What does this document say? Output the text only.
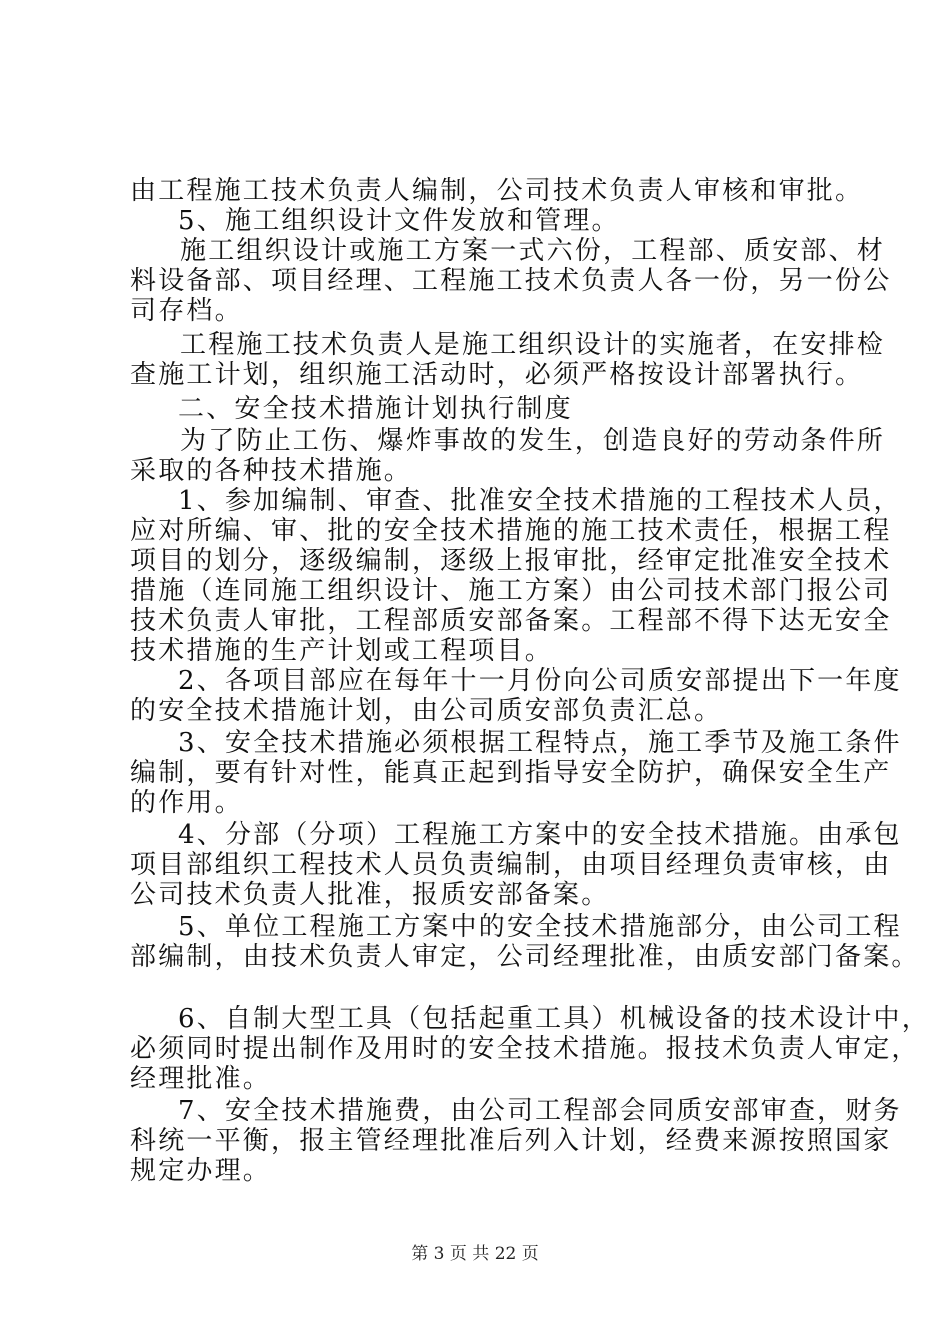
由工程施工技术负责人编制，公司技术负责人审核和审批。
5、施工组织设计文件发放和管理。
施工组织设计或施工方案一式六份，工程部、质安部、材
料设备部、项目经理、工程施工技术负责人各一份，另一份公
司存档。
工程施工技术负责人是施工组织设计的实施者，在安排检
查施工计划，组织施工活动时，必须严格按设计部署执行。
二、安全技术措施计划执行制度
为了防止工伤、爆炸事故的发生，创造良好的劳动条件所
采取的各种技术措施。
1、参加编制、审查、批准安全技术措施的工程技术人员，
应对所编、审、批的安全技术措施的施工技术责任，根据工程
项目的划分，逐级编制，逐级上报审批，经审定批准安全技术
措施（连同施工组织设计、施工方案）由公司技术部门报公司
技术负责人审批，工程部质安部备案。工程部不得下达无安全
技术措施的生产计划或工程项目。
2、各项目部应在每年十一月份向公司质安部提出下一年度
的安全技术措施计划，由公司质安部负责汇总。
3、安全技术措施必须根据工程特点，施工季节及施工条件
编制，要有针对性，能真正起到指导安全防护，确保安全生产
的作用。
4、分部（分项）工程施工方案中的安全技术措施。由承包
项目部组织工程技术人员负责编制，由项目经理负责审核，由
公司技术负责人批准，报质安部备案。
5、单位工程施工方案中的安全技术措施部分，由公司工程
部编制，由技术负责人审定，公司经理批准，由质安部门备案。
6、自制大型工具（包括起重工具）机械设备的技术设计中，
必须同时提出制作及用时的安全技术措施。报技术负责人审定，
经理批准。
7、安全技术措施费，由公司工程部会同质安部审查，财务
科统一平衡，报主管经理批准后列入计划，经费来源按照国家
规定办理。
第 3 页 共 22 页
